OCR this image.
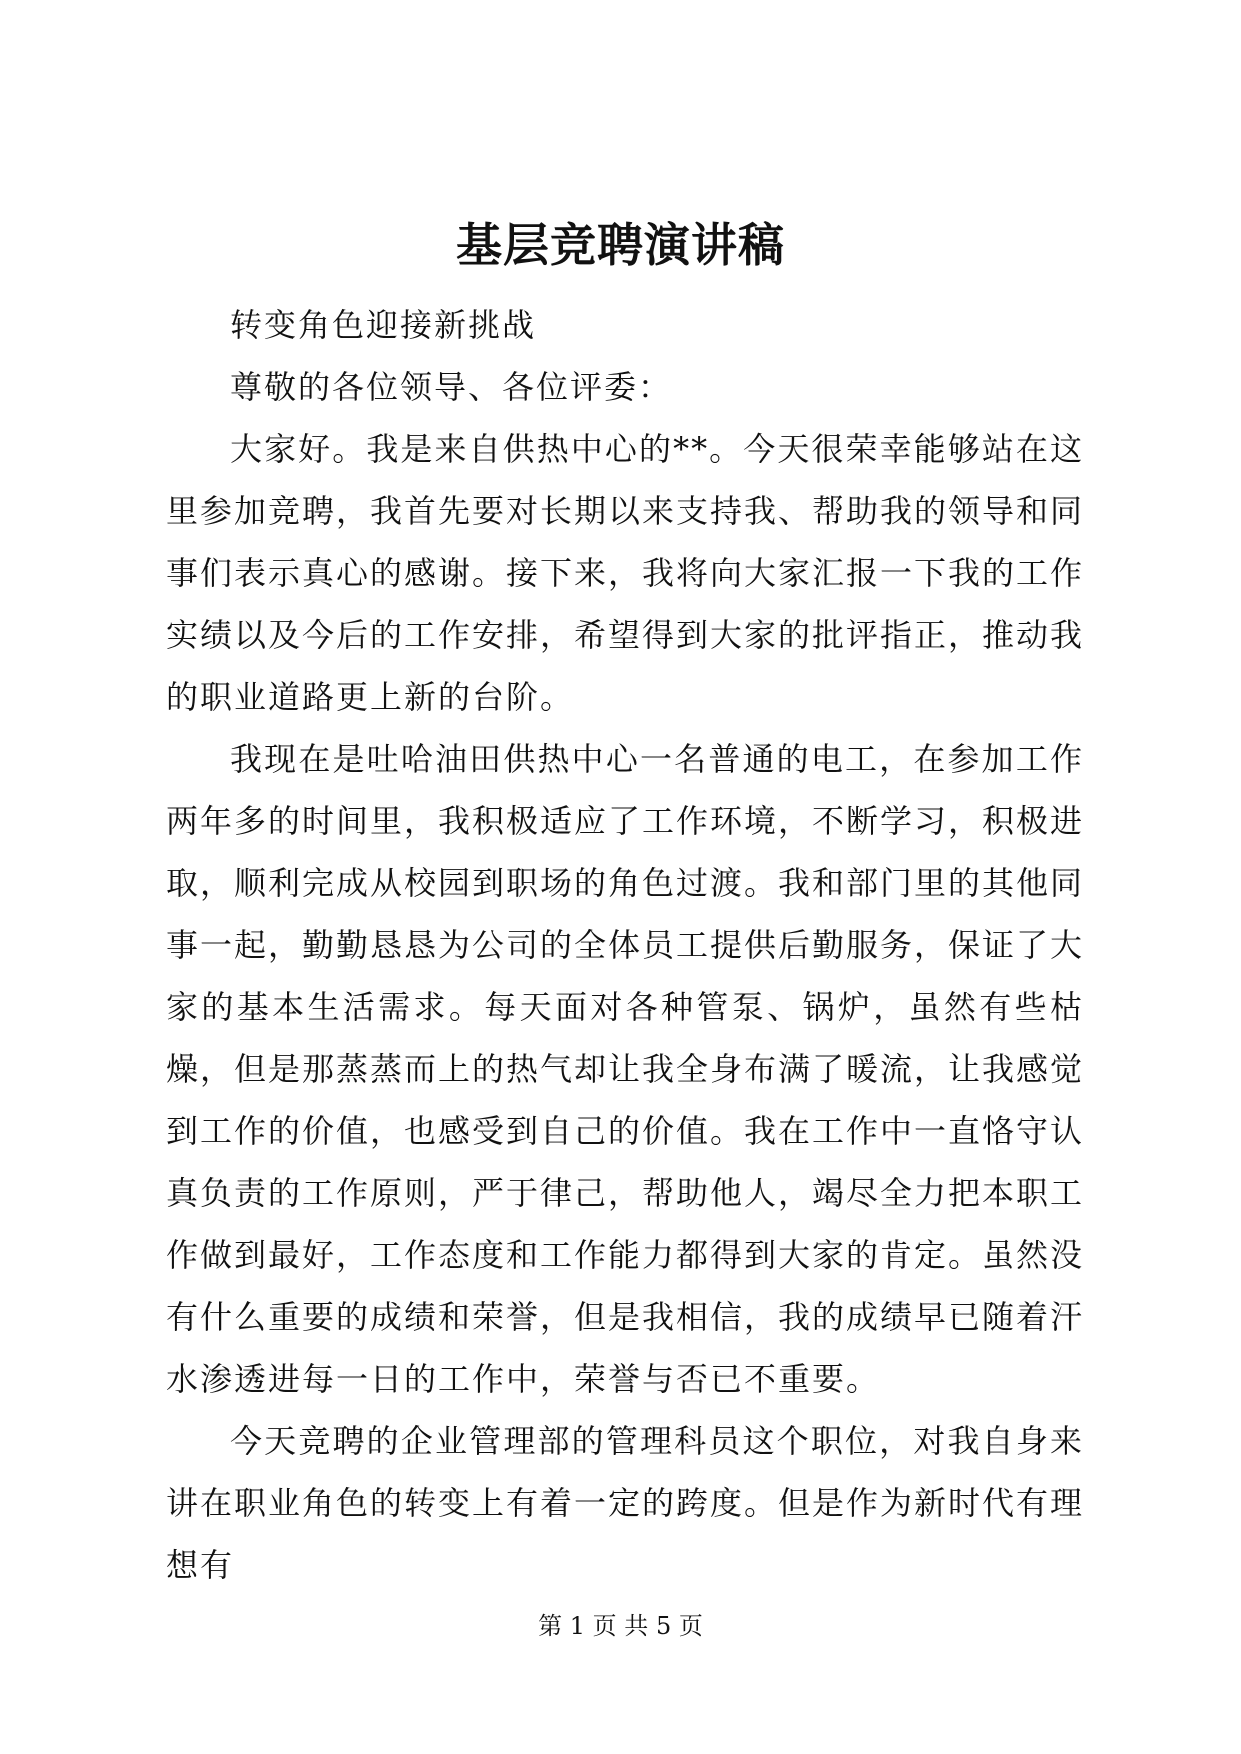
基层竞聘演讲稿

转变角色迎接新挑战

尊敬的各位领导、各位评委：

大家好。我是来自供热中心的**。今天很荣幸能够站在这里参加竞聘，我首先要对长期以来支持我、帮助我的领导和同事们表示真心的感谢。接下来，我将向大家汇报一下我的工作实绩以及今后的工作安排，希望得到大家的批评指正，推动我的职业道路更上新的台阶。

我现在是吐哈油田供热中心一名普通的电工，在参加工作两年多的时间里，我积极适应了工作环境，不断学习，积极进取，顺利完成从校园到职场的角色过渡。我和部门里的其他同事一起，勤勤恳恳为公司的全体员工提供后勤服务，保证了大家的基本生活需求。每天面对各种管泵、锅炉，虽然有些枯燥，但是那蒸蒸而上的热气却让我全身布满了暖流，让我感觉到工作的价值，也感受到自己的价值。我在工作中一直恪守认真负责的工作原则，严于律己，帮助他人，竭尽全力把本职工作做到最好，工作态度和工作能力都得到大家的肯定。虽然没有什么重要的成绩和荣誉，但是我相信，我的成绩早已随着汗水渗透进每一日的工作中，荣誉与否已不重要。

今天竞聘的企业管理部的管理科员这个职位，对我自身来讲在职业角色的转变上有着一定的跨度。但是作为新时代有理想有

第 1 页 共 5 页
